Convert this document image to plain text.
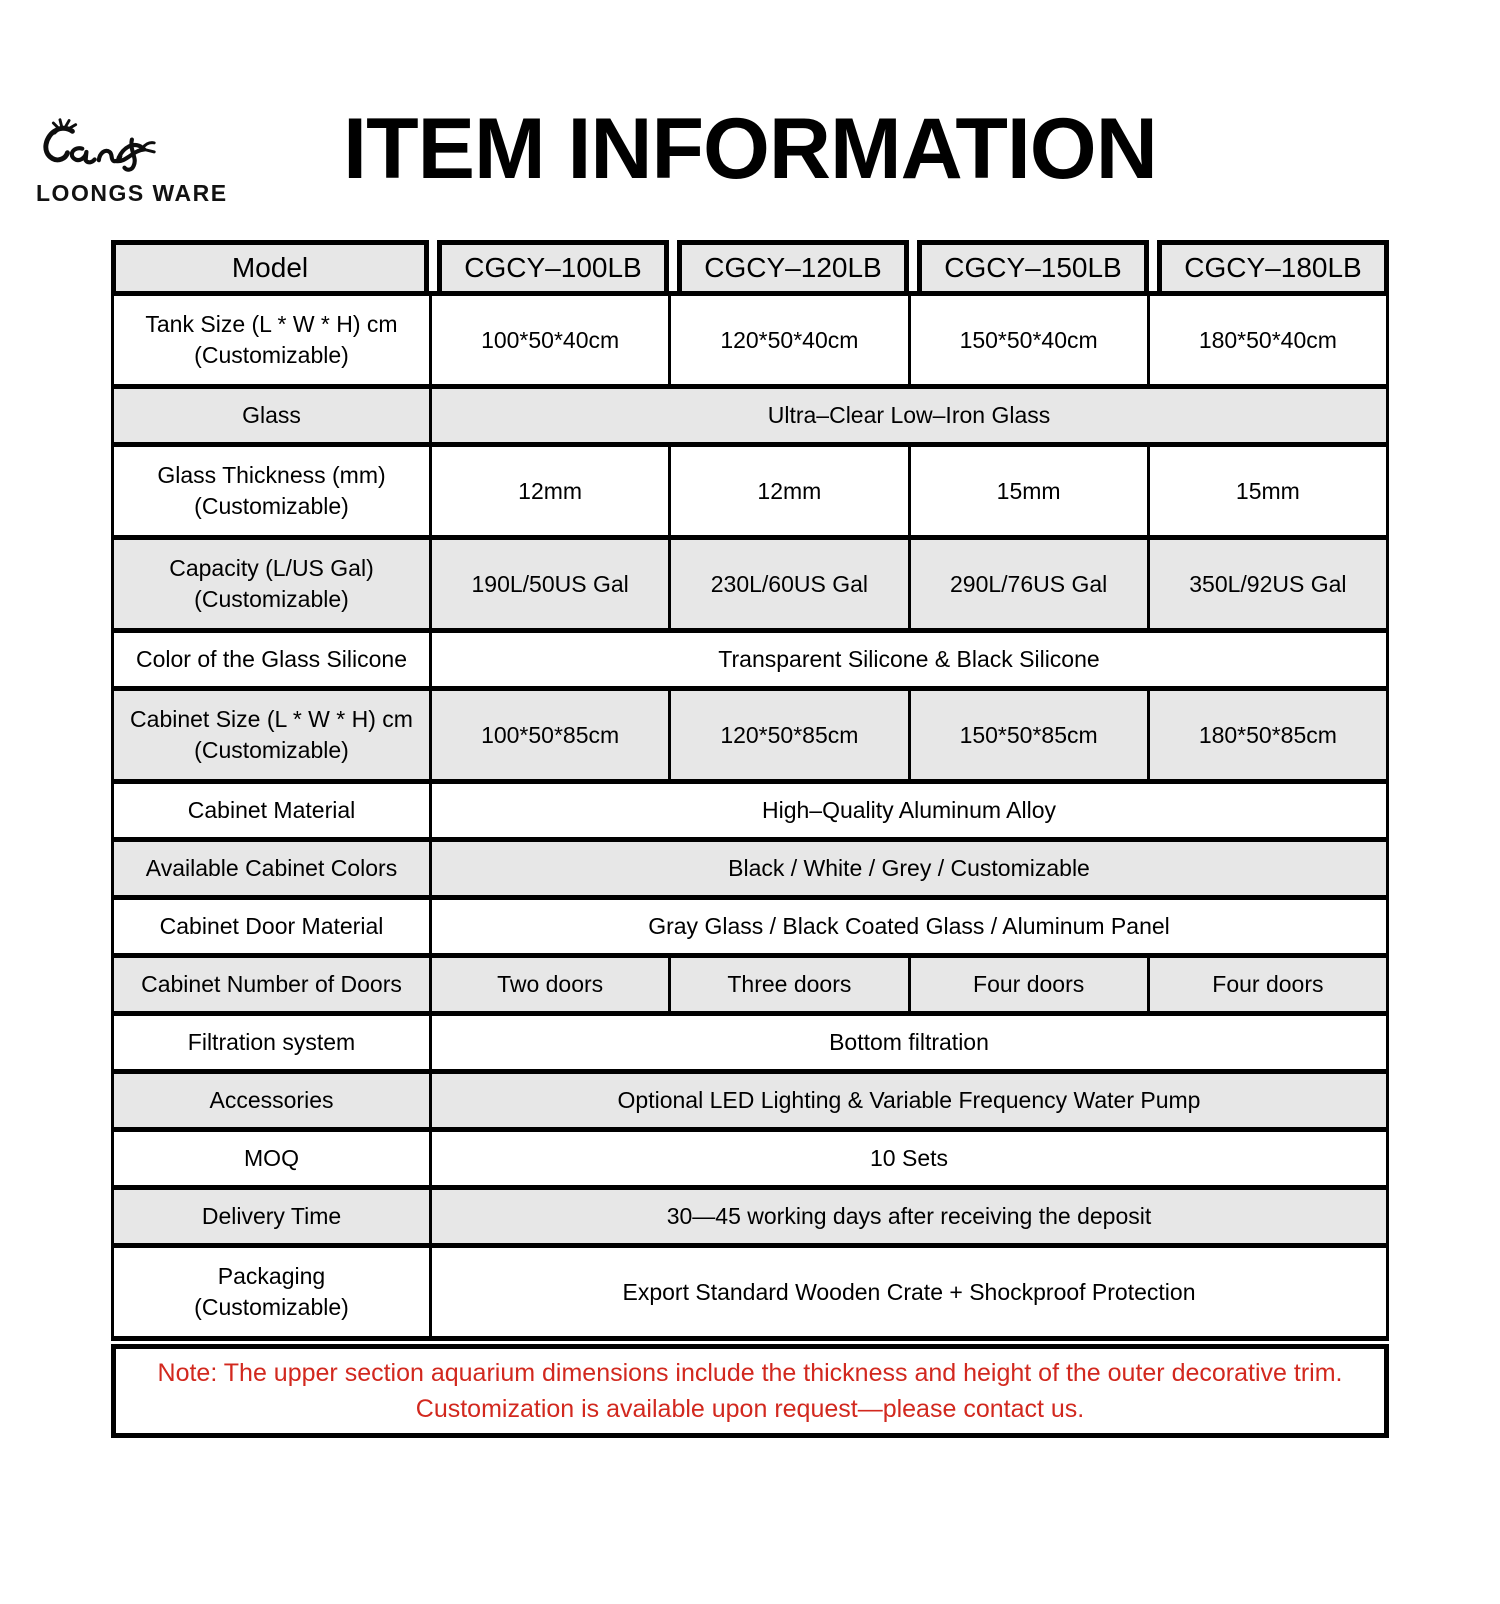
LOONGS WARE	ITEM INFORMATION
Model	CGCY–100LB	CGCY–120LB	CGCY–150LB	CGCY–180LB
Tank Size (L * W * H) cm
(Customizable)	100*50*40cm	120*50*40cm	150*50*40cm	180*50*40cm
Glass	Ultra–Clear Low–Iron Glass			
Glass Thickness (mm)
(Customizable)	12mm	12mm	15mm	15mm
Capacity (L/US Gal)
(Customizable)	190L/50US Gal	230L/60US Gal	290L/76US Gal	350L/92US Gal
Color of the Glass Silicone	Transparent Silicone & Black Silicone			
Cabinet Size (L * W * H) cm
(Customizable)	100*50*85cm	120*50*85cm	150*50*85cm	180*50*85cm
Cabinet Material	High–Quality Aluminum Alloy			
Available Cabinet Colors	Black / White / Grey / Customizable			
Cabinet Door Material	Gray Glass / Black Coated Glass / Aluminum Panel			
Cabinet Number of Doors	Two doors	Three doors	Four doors	Four doors
Filtration system	Bottom filtration			
Accessories	Optional LED Lighting & Variable Frequency Water Pump			
MOQ	10 Sets			
Delivery Time	30—45 working days after receiving the deposit			
Packaging
(Customizable)	Export Standard Wooden Crate + Shockproof Protection			
Note: The upper section aquarium dimensions include the thickness and height of the outer decorative trim.
Customization is available upon request—please contact us.
